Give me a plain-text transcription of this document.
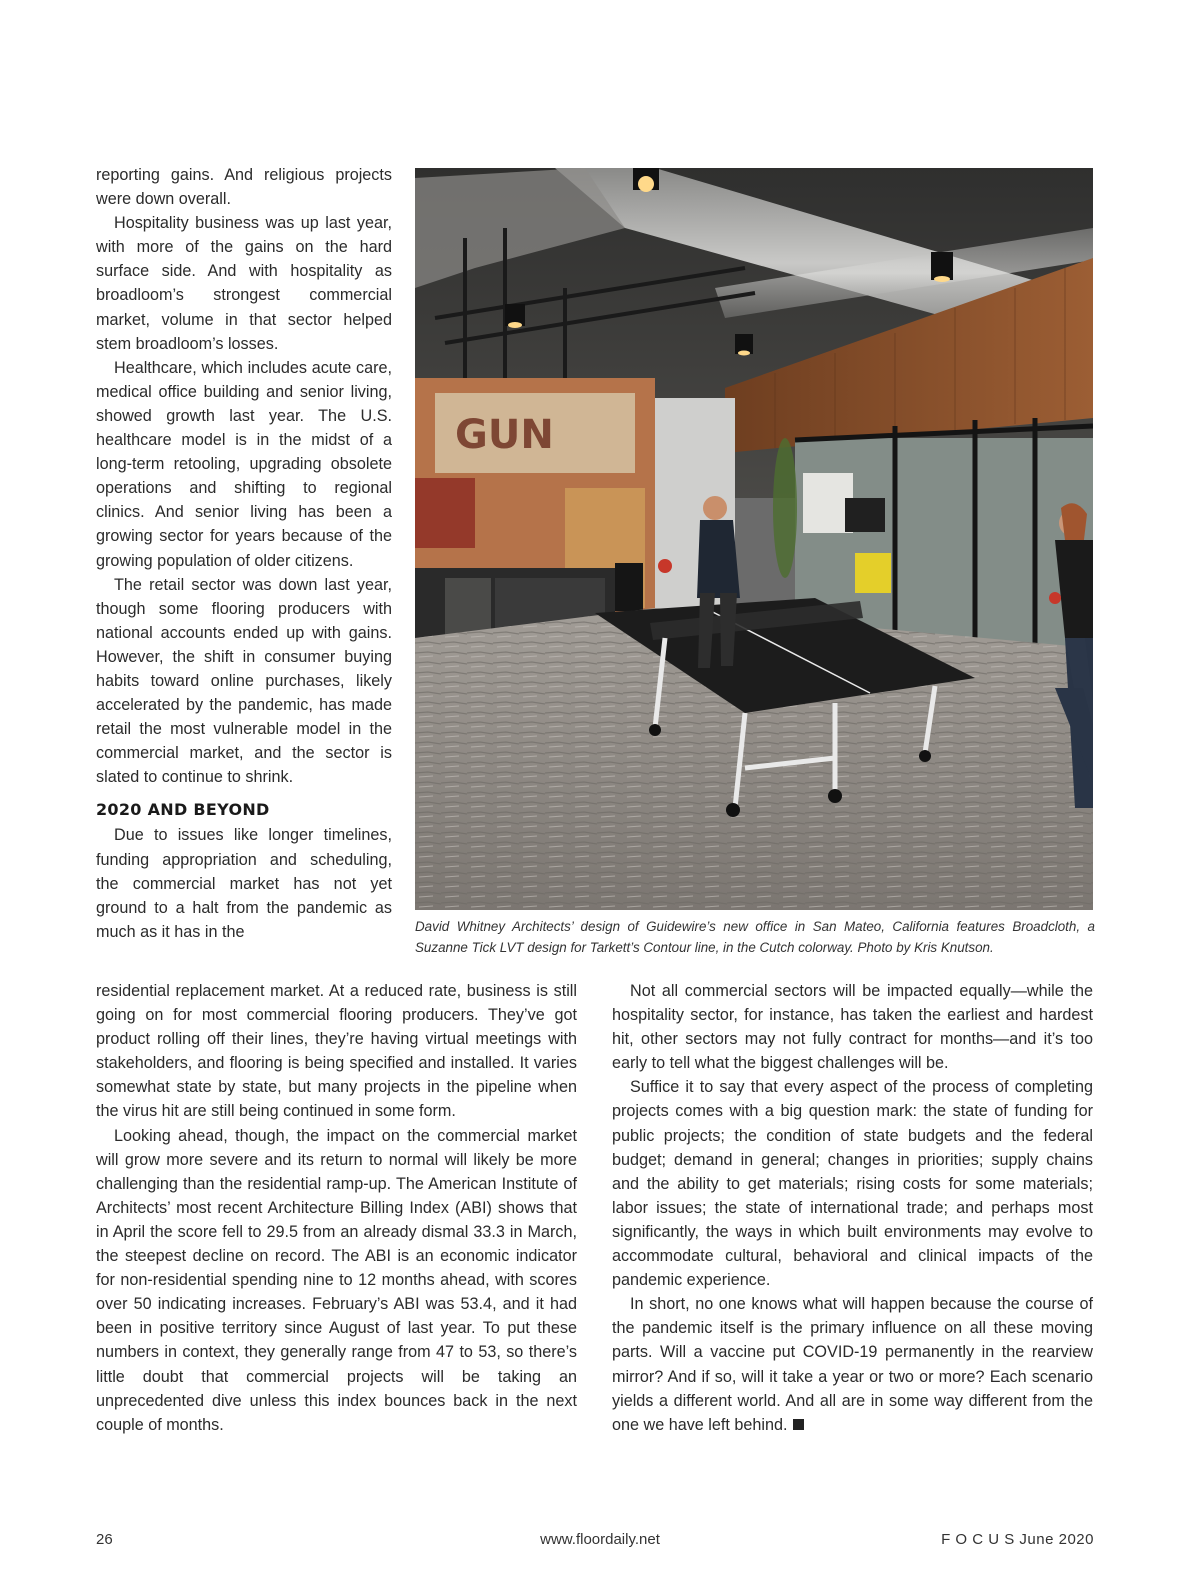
reporting gains. And religious projects were down overall.

Hospitality business was up last year, with more of the gains on the hard surface side. And with hospitality as broadloom’s strongest commercial market, volume in that sector helped stem broadloom’s losses.

Healthcare, which includes acute care, medical office building and senior living, showed growth last year. The U.S. healthcare model is in the midst of a long-term retooling, upgrading obsolete operations and shifting to regional clinics. And senior living has been a growing sector for years because of the growing population of older citizens.

The retail sector was down last year, though some flooring producers with national accounts ended up with gains. However, the shift in consumer buying habits toward online purchases, likely accelerated by the pandemic, has made retail the most vulnerable model in the commercial market, and the sector is slated to continue to shrink.

2020 AND BEYOND

Due to issues like longer timelines, funding appropriation and scheduling, the commercial market has not yet ground to a halt from the pandemic as much as it has in the

GUN
David Whitney Architects’ design of Guidewire’s new office in San Mateo, California features Broadcloth, a Suzanne Tick LVT design for Tarkett’s Contour line, in the Cutch colorway. Photo by Kris Knutson.

residential replacement market. At a reduced rate, business is still going on for most commercial flooring producers. They’ve got product rolling off their lines, they’re having virtual meetings with stakeholders, and flooring is being specified and installed. It varies somewhat state by state, but many projects in the pipeline when the virus hit are still being continued in some form.

Looking ahead, though, the impact on the commercial market will grow more severe and its return to normal will likely be more challenging than the residential ramp-up. The American Institute of Architects’ most recent Architecture Billing Index (ABI) shows that in April the score fell to 29.5 from an already dismal 33.3 in March, the steepest decline on record. The ABI is an economic indicator for non-residential spending nine to 12 months ahead, with scores over 50 indicating increases. February’s ABI was 53.4, and it had been in positive territory since August of last year. To put these numbers in context, they generally range from 47 to 53, so there’s little doubt that commercial projects will be taking an unprecedented dive unless this index bounces back in the next couple of months.

Not all commercial sectors will be impacted equally—while the hospitality sector, for instance, has taken the earliest and hardest hit, other sectors may not fully contract for months—and it’s too early to tell what the biggest challenges will be.

Suffice it to say that every aspect of the process of completing projects comes with a big question mark: the state of funding for public projects; the condition of state budgets and the federal budget; demand in general; changes in priorities; supply chains and the ability to get materials; rising costs for some materials; labor issues; the state of international trade; and perhaps most significantly, the ways in which built environments may evolve to accommodate cultural, behavioral and clinical impacts of the pandemic experience.

In short, no one knows what will happen because the course of the pandemic itself is the primary influence on all these moving parts. Will a vaccine put COVID-19 permanently in the rearview mirror? And if so, will it take a year or two or more? Each scenario yields a different world. And all are in some way different from the one we have left behind.

26	www.floordaily.net	F O C U S June 2020
